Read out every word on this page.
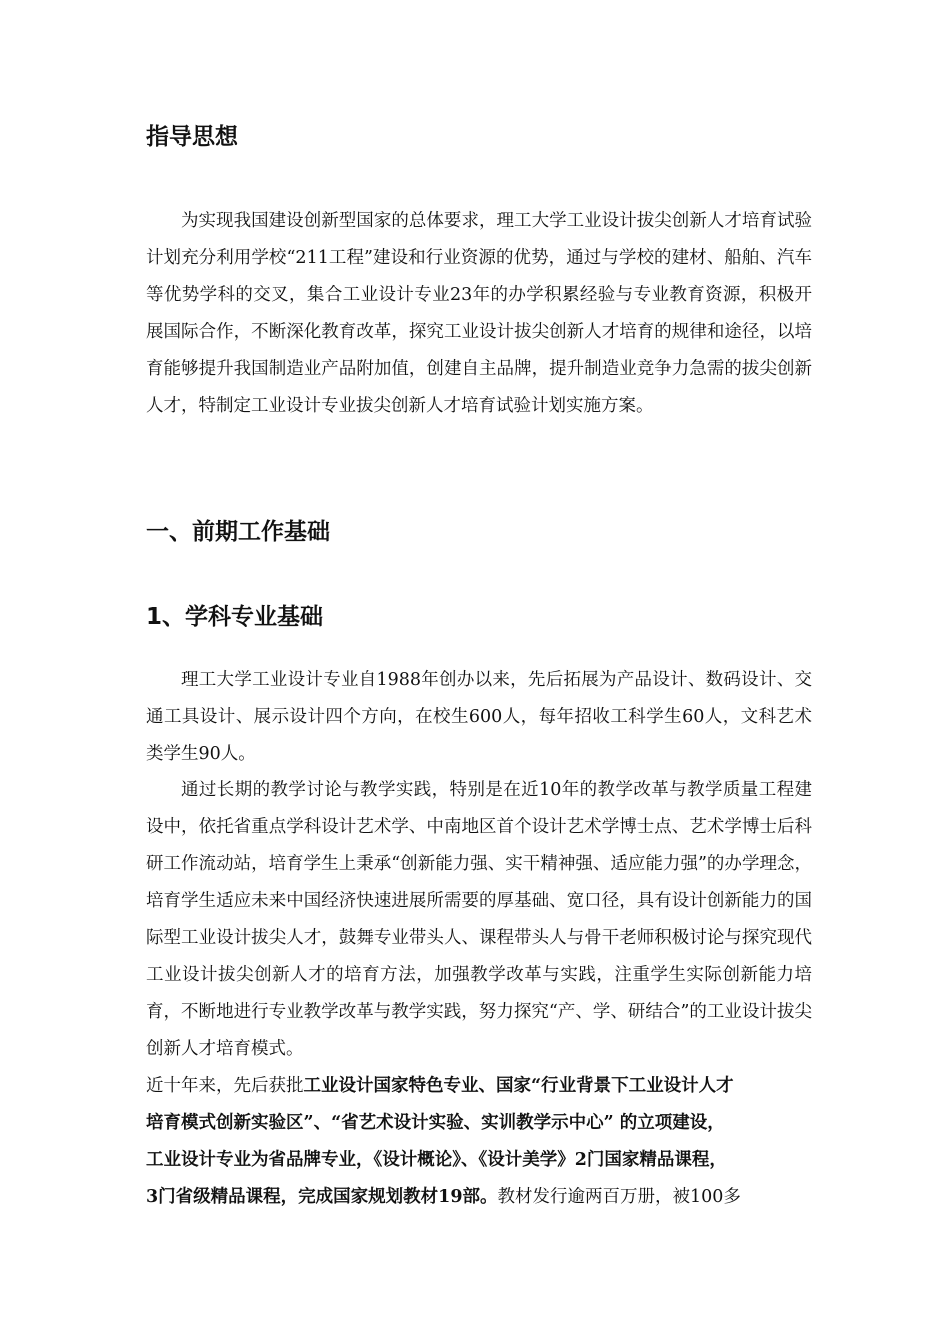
指导思想
为实现我国建设创新型国家的总体要求，理工大学工业设计拔尖创新人才培育试验计划充分利用学校“211工程”建设和行业资源的优势，通过与学校的建材、船舶、汽车等优势学科的交叉，集合工业设计专业23年的办学积累经验与专业教育资源，积极开展国际合作，不断深化教育改革，探究工业设计拔尖创新人才培育的规律和途径，以培育能够提升我国制造业产品附加值，创建自主品牌，提升制造业竞争力急需的拔尖创新人才，特制定工业设计专业拔尖创新人才培育试验计划实施方案。
一、前期工作基础
1、学科专业基础
理工大学工业设计专业自1988年创办以来，先后拓展为产品设计、数码设计、交通工具设计、展示设计四个方向，在校生600人，每年招收工科学生60人，文科艺术类学生90人。
通过长期的教学讨论与教学实践，特别是在近10年的教学改革与教学质量工程建设中，依托省重点学科设计艺术学、中南地区首个设计艺术学博士点、艺术学博士后科研工作流动站，培育学生上秉承“创新能力强、实干精神强、适应能力强”的办学理念，培育学生适应未来中国经济快速进展所需要的厚基础、宽口径，具有设计创新能力的国际型工业设计拔尖人才，鼓舞专业带头人、课程带头人与骨干老师积极讨论与探究现代工业设计拔尖创新人才的培育方法，加强教学改革与实践，注重学生实际创新能力培育，不断地进行专业教学改革与教学实践，努力探究“产、学、研结合”的工业设计拔尖创新人才培育模式。
近十年来，先后获批工业设计国家特色专业、国家“行业背景下工业设计人才
培育模式创新实验区”、“省艺术设计实验、实训教学示中心” 的立项建设，
工业设计专业为省品牌专业，《设计概论》、《设计美学》2门国家精品课程，
3门省级精品课程，完成国家规划教材19部。教材发行逾两百万册，被100多
